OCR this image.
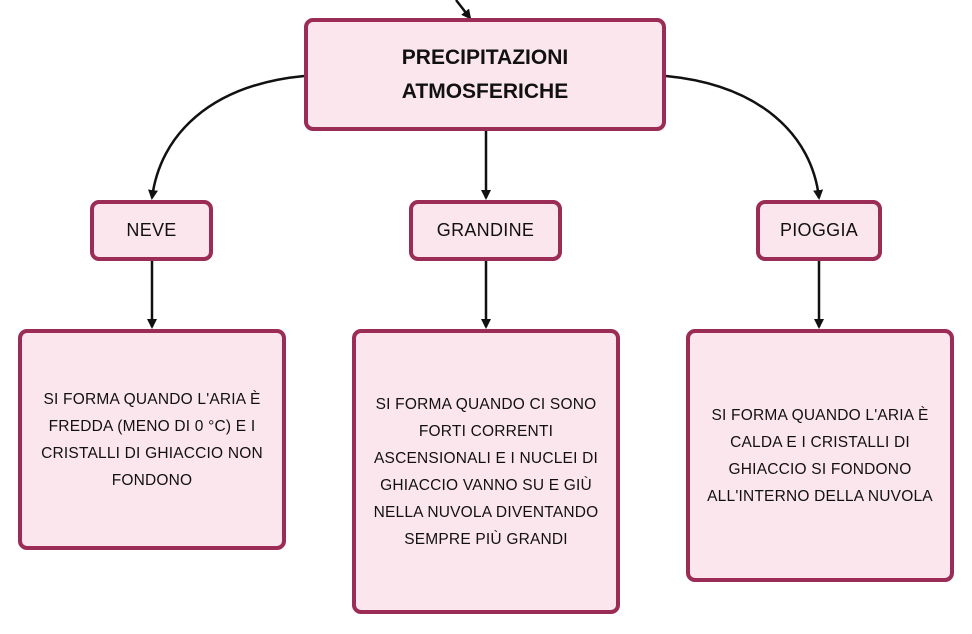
PRECIPITAZIONI ATMOSFERICHE
NEVE	GRANDINE	PIOGGIA
SI FORMA QUANDO L'ARIA È FREDDA (MENO DI 0 °C) E I CRISTALLI DI GHIACCIO NON FONDONO
SI FORMA QUANDO CI SONO FORTI CORRENTI ASCENSIONALI E I NUCLEI DI GHIACCIO VANNO SU E GIÙ NELLA NUVOLA DIVENTANDO SEMPRE PIÙ GRANDI
SI FORMA QUANDO L'ARIA È CALDA E I CRISTALLI DI GHIACCIO SI FONDONO ALL'INTERNO DELLA NUVOLA
